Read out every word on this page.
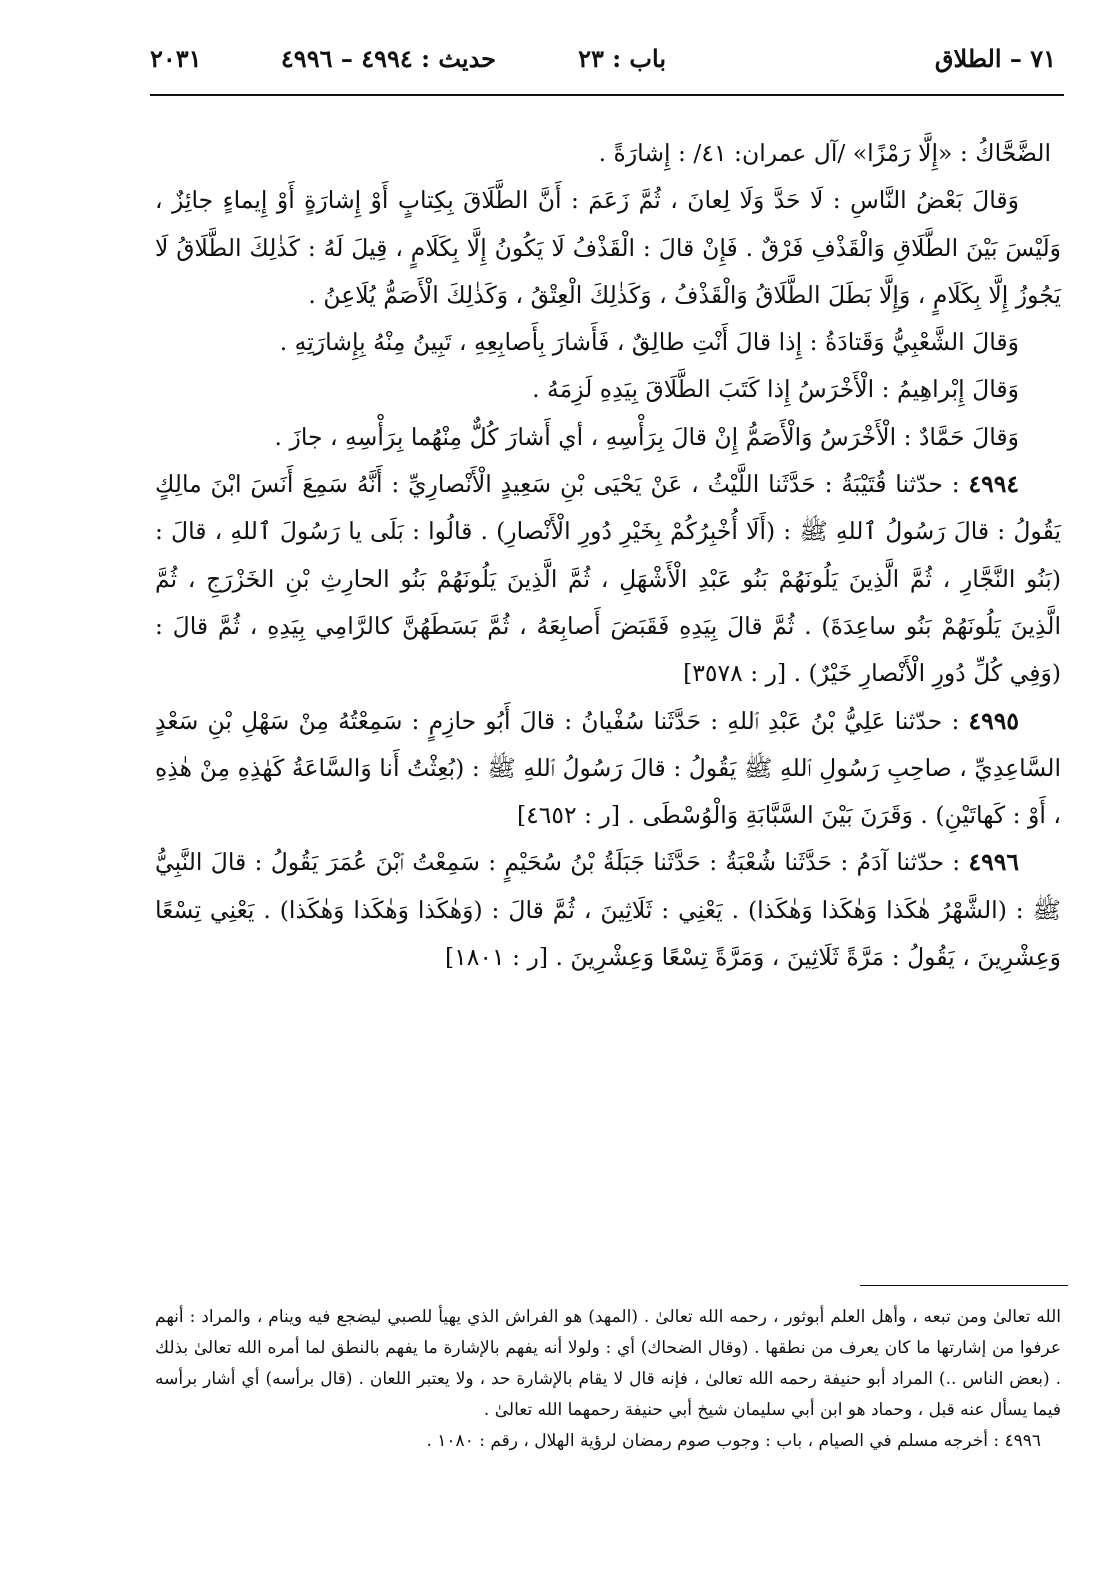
٧١ – الطلاق
باب : ٢٣
حديث : ٤٩٩٤ – ٤٩٩٦
٢٠٣١

الضَّحَّاكُ : «إِلَّا رَمْزًا» /آل عمران: ٤١/ : إِشارَةً .

وَقالَ بَعْضُ النَّاسِ : لَا حَدَّ وَلَا لِعانَ ، ثُمَّ زَعَمَ : أَنَّ الطَّلَاقَ بِكِتابٍ أَوْ إِشارَةٍ أَوْ إِيماءٍ جائِزٌ ، وَلَيْسَ بَيْنَ الطَّلَاقِ وَالْقَذْفِ فَرْقٌ . فَإِنْ قالَ : الْقَذْفُ لَا يَكُونُ إِلَّا بِكَلَامٍ ، قِيلَ لَهُ : كَذٰلِكَ الطَّلَاقُ لَا يَجُوزُ إِلَّا بِكَلَامٍ ، وَإِلَّا بَطَلَ الطَّلَاقُ وَالْقَذْفُ ، وَكَذٰلِكَ الْعِتْقُ ، وَكَذٰلِكَ الْأَصَمُّ يُلَاعِنُ .

وَقالَ الشَّعْبِيُّ وَقَتادَةُ : إِذا قالَ أَنْتِ طالِقٌ ، فَأَشارَ بِأَصابِعِهِ ، تَبِينُ مِنْهُ بِإِشارَتِهِ .

وَقالَ إِبْراهِيمُ : الْأَخْرَسُ إِذا كَتَبَ الطَّلَاقَ بِيَدِهِ لَزِمَهُ .

وَقالَ حَمَّادٌ : الْأَخْرَسُ وَالْأَصَمُّ إِنْ قالَ بِرَأْسِهِ ، أي أَشارَ كُلٌّ مِنْهُما بِرَأْسِهِ ، جازَ .

٤٩٩٤ : حدّثنا قُتَيْبَةُ : حَدَّثَنا اللَّيْثُ ، عَنْ يَحْيَى بْنِ سَعِيدٍ الْأَنْصارِيِّ : أَنَّهُ سَمِعَ أَنَسَ ابْنَ مالِكٍ يَقُولُ : قالَ رَسُولُ ٱللهِ ﷺ : (أَلَا أُخْبِرُكُمْ بِخَيْرِ دُورِ الْأَنْصارِ) . قالُوا : بَلَى يا رَسُولَ ٱللهِ ، قالَ : (بَنُو النَّجَّارِ ، ثُمَّ الَّذِينَ يَلُونَهُمْ بَنُو عَبْدِ الْأَشْهَلِ ، ثُمَّ الَّذِينَ يَلُونَهُمْ بَنُو الحارِثِ بْنِ الخَزْرَجِ ، ثُمَّ الَّذِينَ يَلُونَهُمْ بَنُو ساعِدَةَ) . ثُمَّ قالَ بِيَدِهِ فَقَبَضَ أَصابِعَهُ ، ثُمَّ بَسَطَهُنَّ كالرَّامِي بِيَدِهِ ، ثُمَّ قالَ : (وَفِي كُلِّ دُورِ الْأَنْصارِ خَيْرٌ) . [ر : ٣٥٧٨]

٤٩٩٥ : حدّثنا عَلِيُّ بْنُ عَبْدِ ٱللهِ : حَدَّثَنا سُفْيانُ : قالَ أَبُو حازِمٍ : سَمِعْتُهُ مِنْ سَهْلِ بْنِ سَعْدٍ السَّاعِدِيِّ ، صاحِبِ رَسُولِ ٱللهِ ﷺ يَقُولُ : قالَ رَسُولُ ٱللهِ ﷺ : (بُعِثْتُ أَنا وَالسَّاعَةُ كَهٰذِهِ مِنْ هٰذِهِ ، أَوْ : كَهاتَيْنِ) . وَقَرَنَ بَيْنَ السَّبَّابَةِ وَالْوُسْطَى . [ر : ٤٦٥٢]

٤٩٩٦ : حدّثنا آدَمُ : حَدَّثَنا شُعْبَةُ : حَدَّثَنا جَبَلَةُ بْنُ سُحَيْمٍ : سَمِعْتُ ٱبْنَ عُمَرَ يَقُولُ : قالَ النَّبِيُّ ﷺ : (الشَّهْرُ هٰكَذا وَهٰكَذا وَهٰكَذا) . يَعْنِي : ثَلَاثِينَ ، ثُمَّ قالَ : (وَهٰكَذا وَهٰكَذا وَهٰكَذا) . يَعْنِي تِسْعًا وَعِشْرِينَ ، يَقُولُ : مَرَّةً ثَلَاثِينَ ، وَمَرَّةً تِسْعًا وَعِشْرِينَ . [ر : ١٨٠١]

الله تعالىٰ ومن تبعه ، وأهل العلم أبوثور ، رحمه الله تعالىٰ . (المهد) هو الفراش الذي يهيأ للصبي ليضجع فيه وينام ، والمراد : أنهم عرفوا من إشارتها ما كان يعرف من نطقها . (وقال الضحاك) أي : ولولا أنه يفهم بالإشارة ما يفهم بالنطق لما أمره الله تعالىٰ بذلك . (بعض الناس ..) المراد أبو حنيفة رحمه الله تعالىٰ ، فإنه قال لا يقام بالإشارة حد ، ولا يعتبر اللعان . (قال برأسه) أي أشار برأسه فيما يسأل عنه قبل ، وحماد هو ابن أبي سليمان شيخ أبي حنيفة رحمهما الله تعالىٰ .

٤٩٩٦ : أخرجه مسلم في الصيام ، باب : وجوب صوم رمضان لرؤية الهلال ، رقم : ١٠٨٠ .
